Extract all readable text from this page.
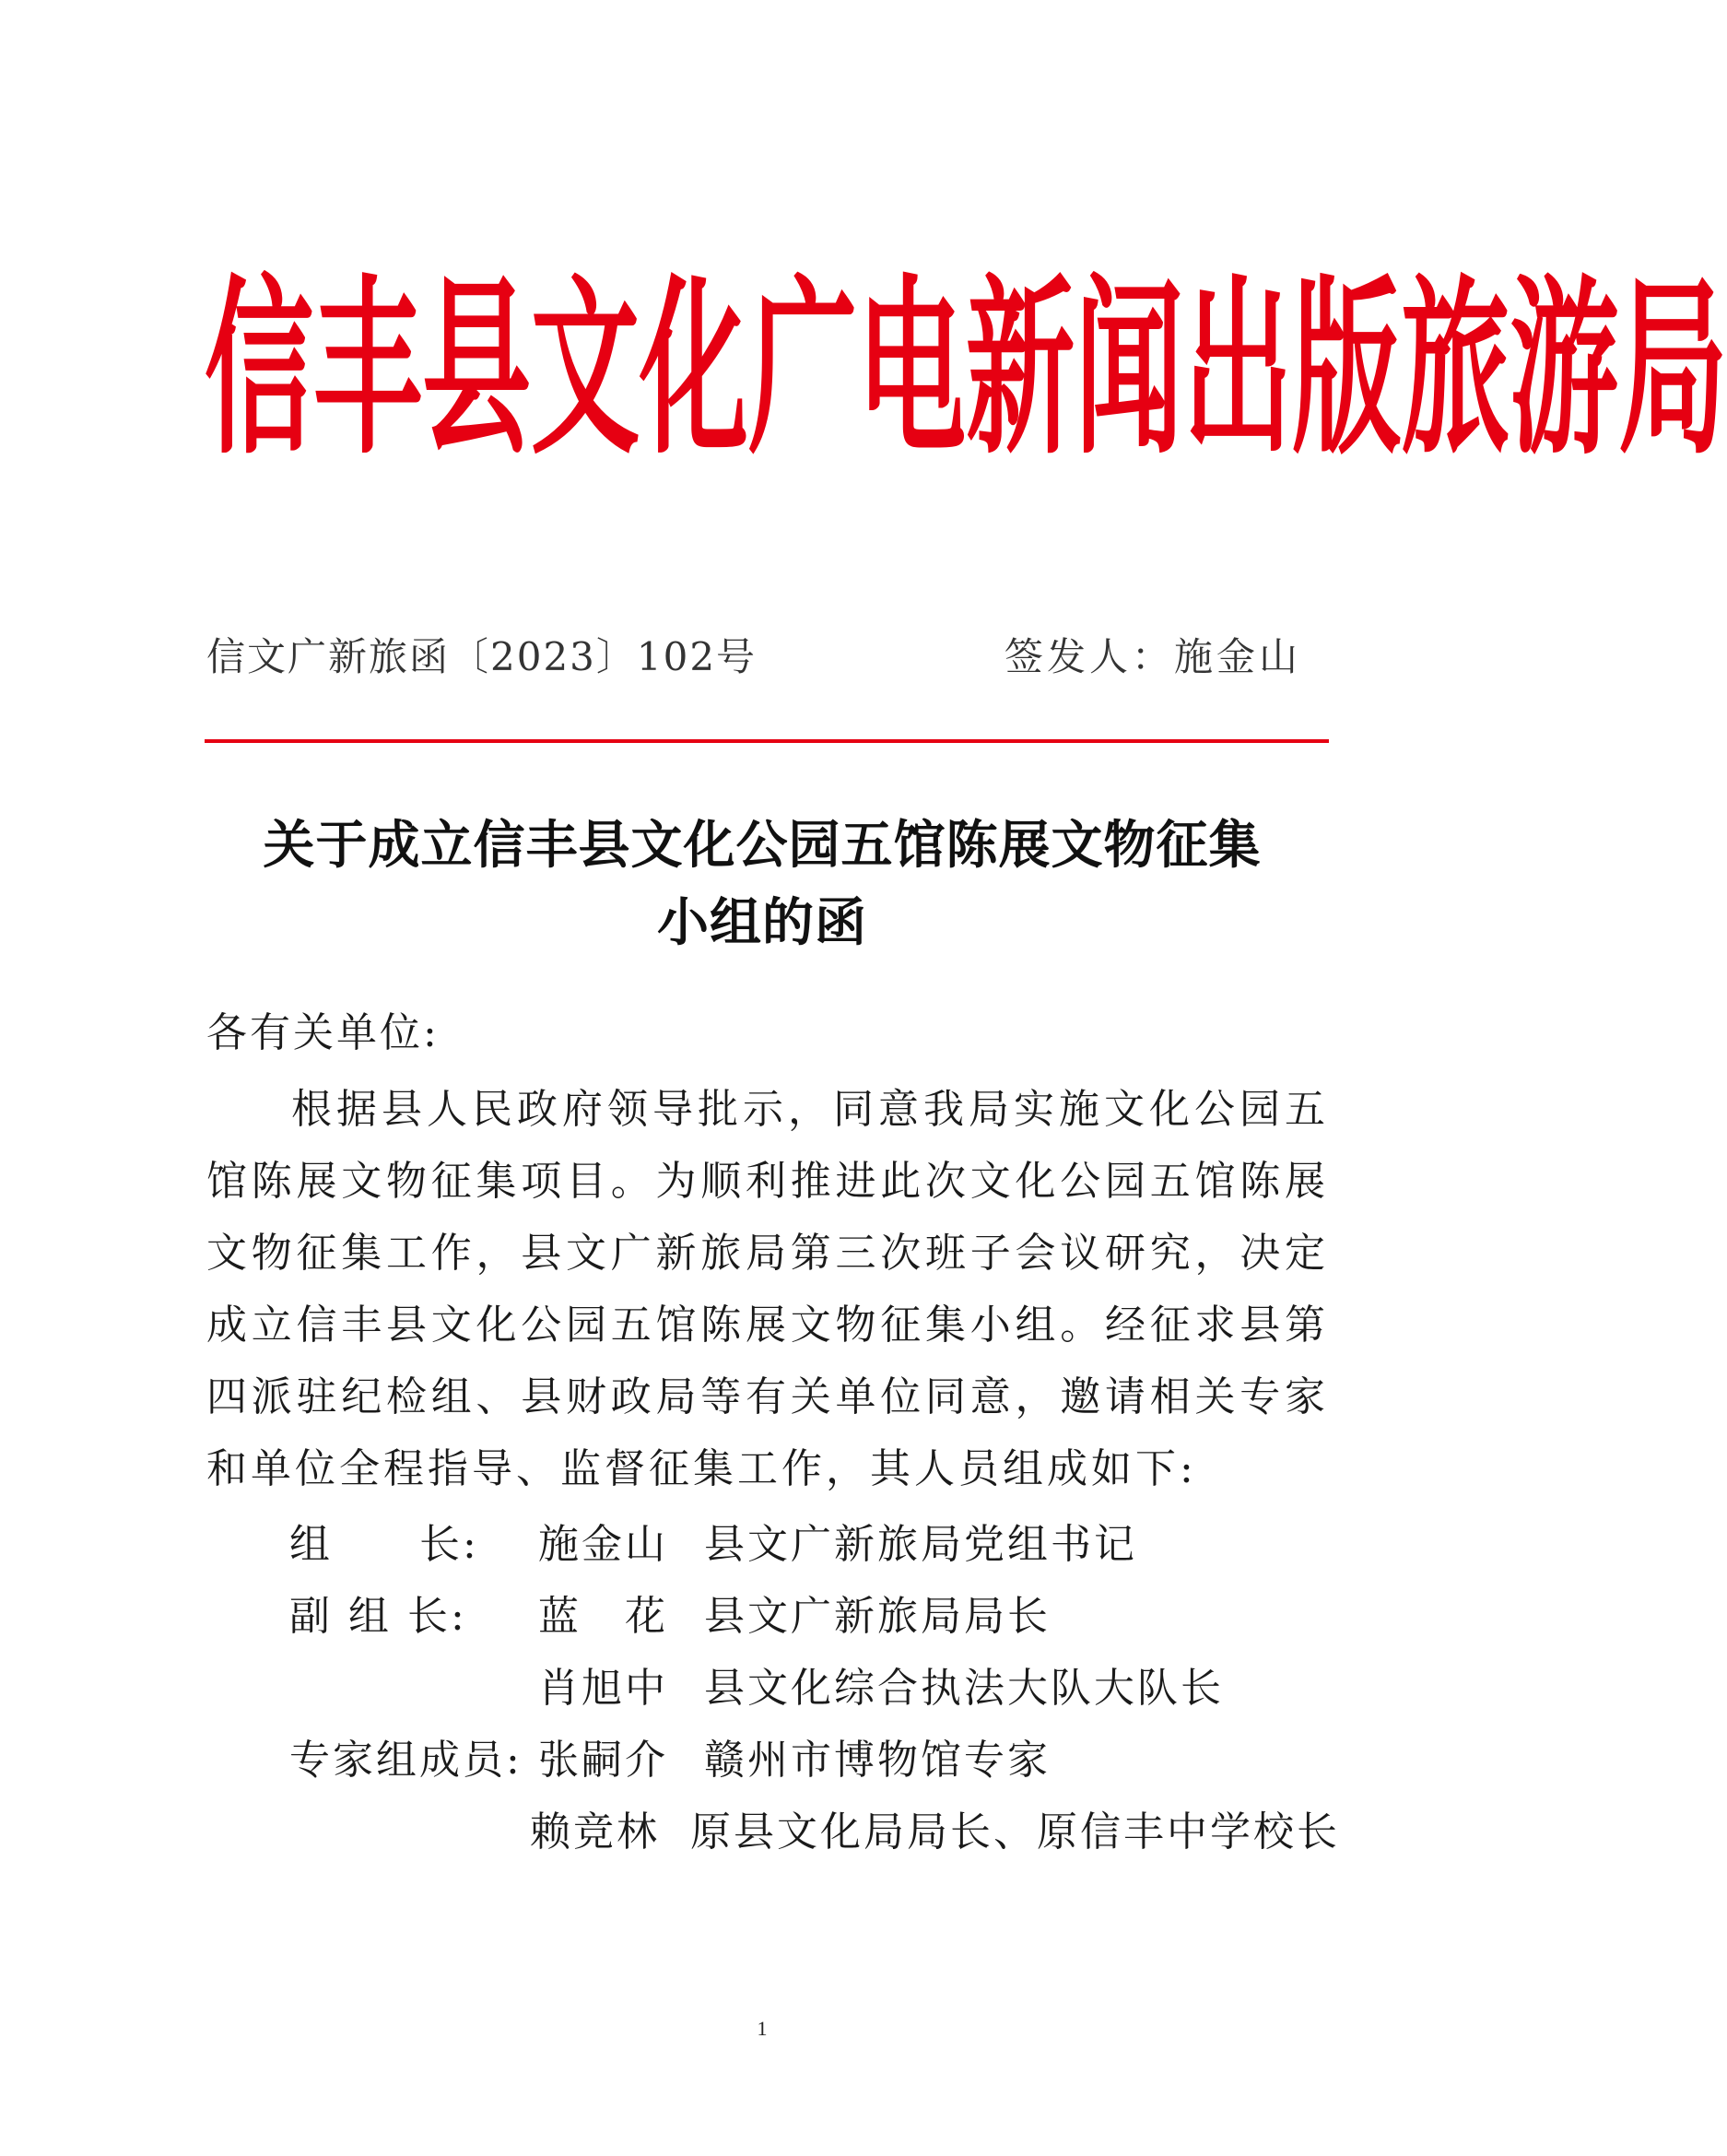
信 丰 县 文 化 广 电 新 闻 出 版 旅 游 局
信文广新旅函〔2023〕102号	签发人：施金山
关于成立信丰县文化公园五馆陈展文物征集
小组的函
各有关单位:

根据县人民政府领导批示，同意我局实施文化公园五馆陈展文物征集项目。为顺利推进此次文化公园五馆陈展文物征集工作，县文广新旅局第三次班子会议研究，决定成立信丰县文化公园五馆陈展文物征集小组。经征求县第四派驻纪检组、县财政局等有关单位同意，邀请相关专家和单位全程指导、监督征集工作，其人员组成如下:

组　　长:	施金山 县文广新旅局党组书记
副 组 长:	蓝　花 县文广新旅局局长
肖旭中 县文化综合执法大队大队长
专家组成员: 张嗣介 赣州市博物馆专家
赖竞林 原县文化局局长、原信丰中学校长
1
